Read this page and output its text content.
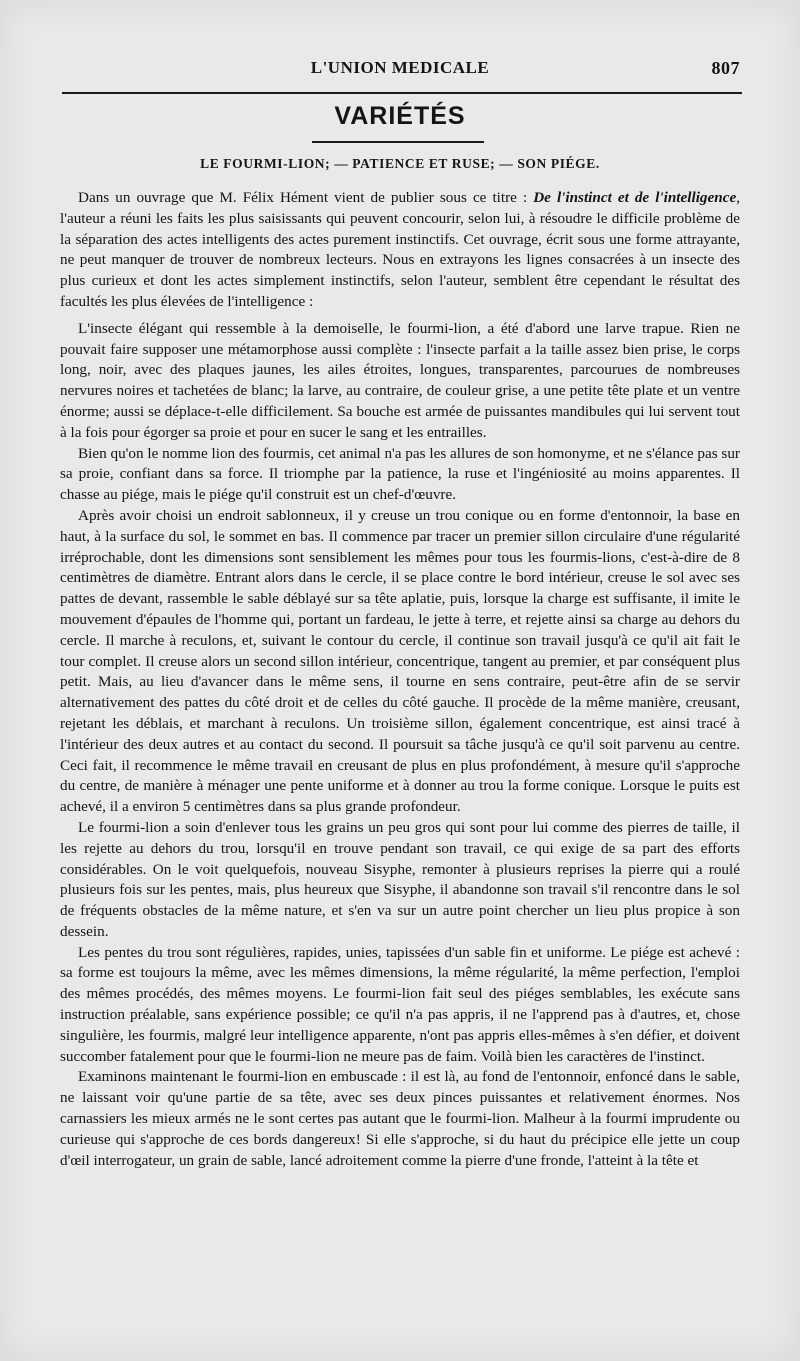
L'UNION MEDICALE	807
VARIÉTÉS
LE FOURMI-LION; — PATIENCE ET RUSE; — SON PIÉGE.

Dans un ouvrage que M. Félix Hément vient de publier sous ce titre : De l'instinct et de l'intelligence, l'auteur a réuni les faits les plus saisissants qui peuvent concourir, selon lui, à résoudre le difficile problème de la séparation des actes intelligents des actes purement instinctifs. Cet ouvrage, écrit sous une forme attrayante, ne peut manquer de trouver de nombreux lecteurs. Nous en extrayons les lignes consacrées à un insecte des plus curieux et dont les actes simplement instinctifs, selon l'auteur, semblent être cependant le résultat des facultés les plus élevées de l'intelligence :

L'insecte élégant qui ressemble à la demoiselle, le fourmi-lion, a été d'abord une larve trapue. Rien ne pouvait faire supposer une métamorphose aussi complète : l'insecte parfait a la taille assez bien prise, le corps long, noir, avec des plaques jaunes, les ailes étroites, longues, transparentes, parcourues de nombreuses nervures noires et tachetées de blanc; la larve, au contraire, de couleur grise, a une petite tête plate et un ventre énorme; aussi se déplace-t-elle difficilement. Sa bouche est armée de puissantes mandibules qui lui servent tout à la fois pour égorger sa proie et pour en sucer le sang et les entrailles.

Bien qu'on le nomme lion des fourmis, cet animal n'a pas les allures de son homonyme, et ne s'élance pas sur sa proie, confiant dans sa force. Il triomphe par la patience, la ruse et l'ingéniosité au moins apparentes. Il chasse au piége, mais le piége qu'il construit est un chef-d'œuvre.

Après avoir choisi un endroit sablonneux, il y creuse un trou conique ou en forme d'entonnoir, la base en haut, à la surface du sol, le sommet en bas. Il commence par tracer un premier sillon circulaire d'une régularité irréprochable, dont les dimensions sont sensiblement les mêmes pour tous les fourmis-lions, c'est-à-dire de 8 centimètres de diamètre. Entrant alors dans le cercle, il se place contre le bord intérieur, creuse le sol avec ses pattes de devant, rassemble le sable déblayé sur sa tête aplatie, puis, lorsque la charge est suffisante, il imite le mouvement d'épaules de l'homme qui, portant un fardeau, le jette à terre, et rejette ainsi sa charge au dehors du cercle. Il marche à reculons, et, suivant le contour du cercle, il continue son travail jusqu'à ce qu'il ait fait le tour complet. Il creuse alors un second sillon intérieur, concentrique, tangent au premier, et par conséquent plus petit. Mais, au lieu d'avancer dans le même sens, il tourne en sens contraire, peut-être afin de se servir alternativement des pattes du côté droit et de celles du côté gauche. Il procède de la même manière, creusant, rejetant les déblais, et marchant à reculons. Un troisième sillon, également concentrique, est ainsi tracé à l'intérieur des deux autres et au contact du second. Il poursuit sa tâche jusqu'à ce qu'il soit parvenu au centre. Ceci fait, il recommence le même travail en creusant de plus en plus profondément, à mesure qu'il s'approche du centre, de manière à ménager une pente uniforme et à donner au trou la forme conique. Lorsque le puits est achevé, il a environ 5 centimètres dans sa plus grande profondeur.

Le fourmi-lion a soin d'enlever tous les grains un peu gros qui sont pour lui comme des pierres de taille, il les rejette au dehors du trou, lorsqu'il en trouve pendant son travail, ce qui exige de sa part des efforts considérables. On le voit quelquefois, nouveau Sisyphe, remonter à plusieurs reprises la pierre qui a roulé plusieurs fois sur les pentes, mais, plus heureux que Sisyphe, il abandonne son travail s'il rencontre dans le sol de fréquents obstacles de la même nature, et s'en va sur un autre point chercher un lieu plus propice à son dessein.

Les pentes du trou sont régulières, rapides, unies, tapissées d'un sable fin et uniforme. Le piége est achevé : sa forme est toujours la même, avec les mêmes dimensions, la même régularité, la même perfection, l'emploi des mêmes procédés, des mêmes moyens. Le fourmi-lion fait seul des piéges semblables, les exécute sans instruction préalable, sans expérience possible; ce qu'il n'a pas appris, il ne l'apprend pas à d'autres, et, chose singulière, les fourmis, malgré leur intelligence apparente, n'ont pas appris elles-mêmes à s'en défier, et doivent succomber fatalement pour que le fourmi-lion ne meure pas de faim. Voilà bien les caractères de l'instinct.

Examinons maintenant le fourmi-lion en embuscade : il est là, au fond de l'entonnoir, enfoncé dans le sable, ne laissant voir qu'une partie de sa tête, avec ses deux pinces puissantes et relativement énormes. Nos carnassiers les mieux armés ne le sont certes pas autant que le fourmi-lion. Malheur à la fourmi imprudente ou curieuse qui s'approche de ces bords dangereux! Si elle s'approche, si du haut du précipice elle jette un coup d'œil interrogateur, un grain de sable, lancé adroitement comme la pierre d'une fronde, l'atteint à la tête et
